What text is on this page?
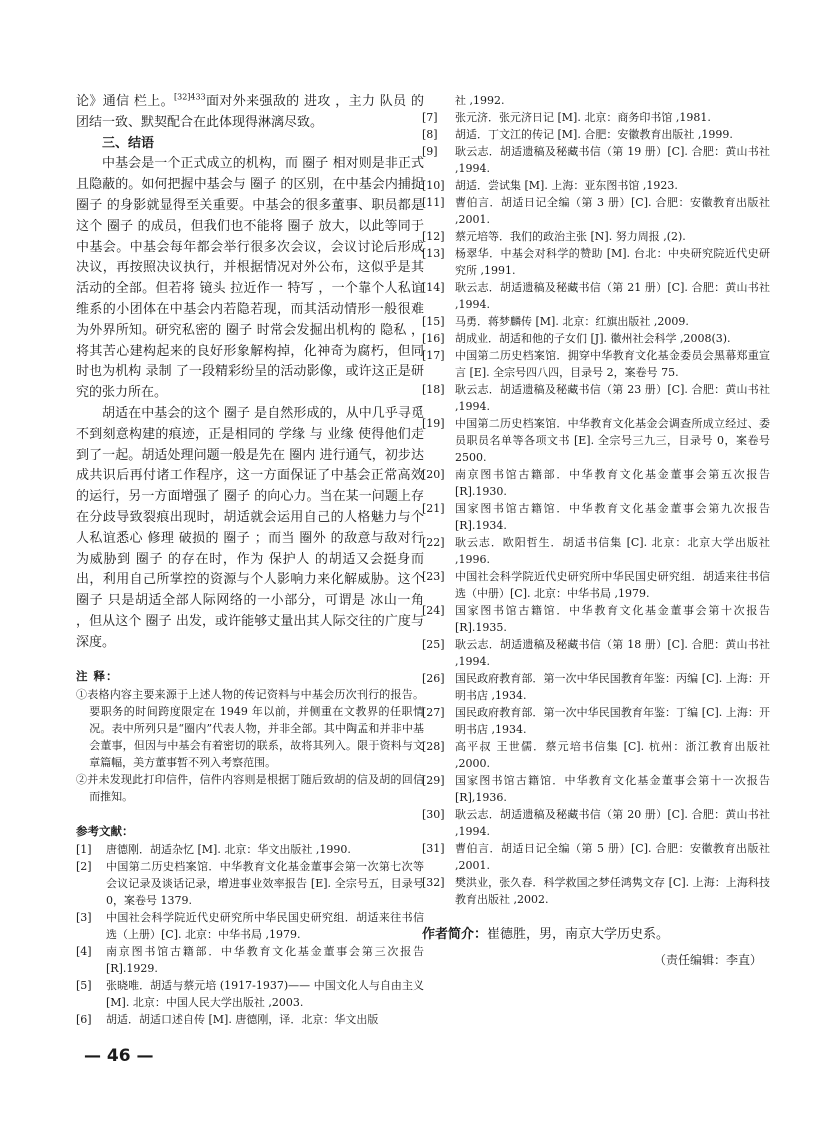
论》通信 栏上。$^{[32]433}$面对外来强敌的 进攻 ，主力 队员 的团结一致、默契配合在此体现得淋漓尽致。

三、结语

中基会是一个正式成立的机构，而 圈子 相对则是非正式且隐蔽的。如何把握中基会与 圈子 的区别，在中基会内捕捉 圈子 的身影就显得至关重要。中基会的很多董事、职员都是这个 圈子 的成员，但我们也不能将 圈子 放大，以此等同于中基会。中基会每年都会举行很多次会议，会议讨论后形成决议，再按照决议执行，并根据情况对外公布，这似乎是其活动的全部。但若将 镜头 拉近作一 特写 ，一个靠个人私谊维系的小团体在中基会内若隐若现，而其活动情形一般很难为外界所知。研究私密的 圈子 时常会发掘出机构的 隐私 ，将其苦心建构起来的良好形象解构掉，化神奇为腐朽，但同时也为机构 录制 了一段精彩纷呈的活动影像，或许这正是研究的张力所在。

胡适在中基会的这个 圈子 是自然形成的，从中几乎寻觅不到刻意构建的痕迹，正是相同的 学缘 与 业缘 使得他们走到了一起。胡适处理问题一般是先在 圈内 进行通气，初步达成共识后再付诸工作程序，这一方面保证了中基会正常高效的运行，另一方面增强了 圈子 的向心力。当在某一问题上存在分歧导致裂痕出现时，胡适就会运用自己的人格魅力与个人私谊悉心 修理 破损的 圈子 ；而当 圈外 的敌意与敌对行为威胁到 圈子 的存在时，作为 保护人 的胡适又会挺身而出，利用自己所掌控的资源与个人影响力来化解威胁。这个 圈子 只是胡适全部人际网络的一小部分，可谓是 冰山一角 ，但从这个 圈子 出发，或许能够丈量出其人际交往的广度与深度。

注 释：

①表格内容主要来源于上述人物的传记资料与中基会历次刊行的报告。要职务的时间跨度限定在 1949 年以前，并侧重在文教界的任职情况。表中所列只是“圈内”代表人物，并非全部。其中陶孟和并非中基会董事，但因与中基会有着密切的联系，故将其列入。限于资料与文章篇幅，美方董事暂不列入考察范围。

②并未发现此打印信件，信件内容则是根据丁随后致胡的信及胡的回信而推知。

参考文献：

[1] 唐德刚．胡适杂忆 [M]. 北京：华文出版社 ,1990.

[2] 中国第二历史档案馆．中华教育文化基金董事会第一次第七次等会议记录及谈话记录，增进事业效率报告 [E]. 全宗号五，目录号 0，案卷号 1379.

[3] 中国社会科学院近代史研究所中华民国史研究组．胡适来往书信选（上册）[C]. 北京：中华书局 ,1979.

[4] 南京图书馆古籍部．中华教育文化基金董事会第三次报告 [R].1929.

[5] 张晓唯．胡适与蔡元培 (1917-1937)—— 中国文化人与自由主义 [M]. 北京：中国人民大学出版社 ,2003.

[6] 胡适．胡适口述自传 [M]. 唐德刚，译．北京：华文出版

社 ,1992.

[7] 张元济．张元济日记 [M]. 北京：商务印书馆 ,1981.

[8] 胡适．丁文江的传记 [M]. 合肥：安徽教育出版社 ,1999.

[9] 耿云志．胡适遗稿及秘藏书信（第 19 册）[C]. 合肥：黄山书社 ,1994.

[10] 胡适．尝试集 [M]. 上海：亚东图书馆 ,1923.

[11] 曹伯言．胡适日记全编（第 3 册）[C]. 合肥：安徽教育出版社 ,2001.

[12] 蔡元培等．我们的政治主张 [N]. 努力周报 ,(2).

[13] 杨翠华．中基会对科学的赞助 [M]. 台北：中央研究院近代史研究所 ,1991.

[14] 耿云志．胡适遗稿及秘藏书信（第 21 册）[C]. 合肥：黄山书社 ,1994.

[15] 马勇．蒋梦麟传 [M]. 北京：红旗出版社 ,2009.

[16] 胡成业．胡适和他的子女们 [J]. 徽州社会科学 ,2008(3).

[17] 中国第二历史档案馆．拥穿中华教育文化基金委员会黑幕郑重宣言 [E]. 全宗号四八四，目录号 2，案卷号 75.

[18] 耿云志．胡适遗稿及秘藏书信（第 23 册）[C]. 合肥：黄山书社 ,1994.

[19] 中国第二历史档案馆．中华教育文化基金会调查所成立经过、委员职员名单等各项文书 [E]. 全宗号三九三，目录号 0，案卷号 2500.

[20] 南京图书馆古籍部．中华教育文化基金董事会第五次报告 [R].1930.

[21] 国家图书馆古籍馆．中华教育文化基金董事会第九次报告 [R].1934.

[22] 耿云志．欧阳哲生．胡适书信集 [C]. 北京：北京大学出版社 ,1996.

[23] 中国社会科学院近代史研究所中华民国史研究组．胡适来往书信选（中册）[C]. 北京：中华书局 ,1979.

[24] 国家图书馆古籍馆．中华教育文化基金董事会第十次报告 [R].1935.

[25] 耿云志．胡适遗稿及秘藏书信（第 18 册）[C]. 合肥：黄山书社 ,1994.

[26] 国民政府教育部．第一次中华民国教育年鉴：丙编 [C]. 上海：开明书店 ,1934.

[27] 国民政府教育部．第一次中华民国教育年鉴：丁编 [C]. 上海：开明书店 ,1934.

[28] 高平叔 王世儒．蔡元培书信集 [C]. 杭州：浙江教育出版社 ,2000.

[29] 国家图书馆古籍馆．中华教育文化基金董事会第十一次报告 [R],1936.

[30] 耿云志．胡适遗稿及秘藏书信（第 20 册）[C]. 合肥：黄山书社 ,1994.

[31] 曹伯言．胡适日记全编（第 5 册）[C]. 合肥：安徽教育出版社 ,2001.

[32] 樊洪业，张久春．科学救国之梦任鸿隽文存 [C]. 上海：上海科技教育出版社 ,2002.

作者简介：崔德胜，男，南京大学历史系。
（责任编辑：李直）
— 46 —
